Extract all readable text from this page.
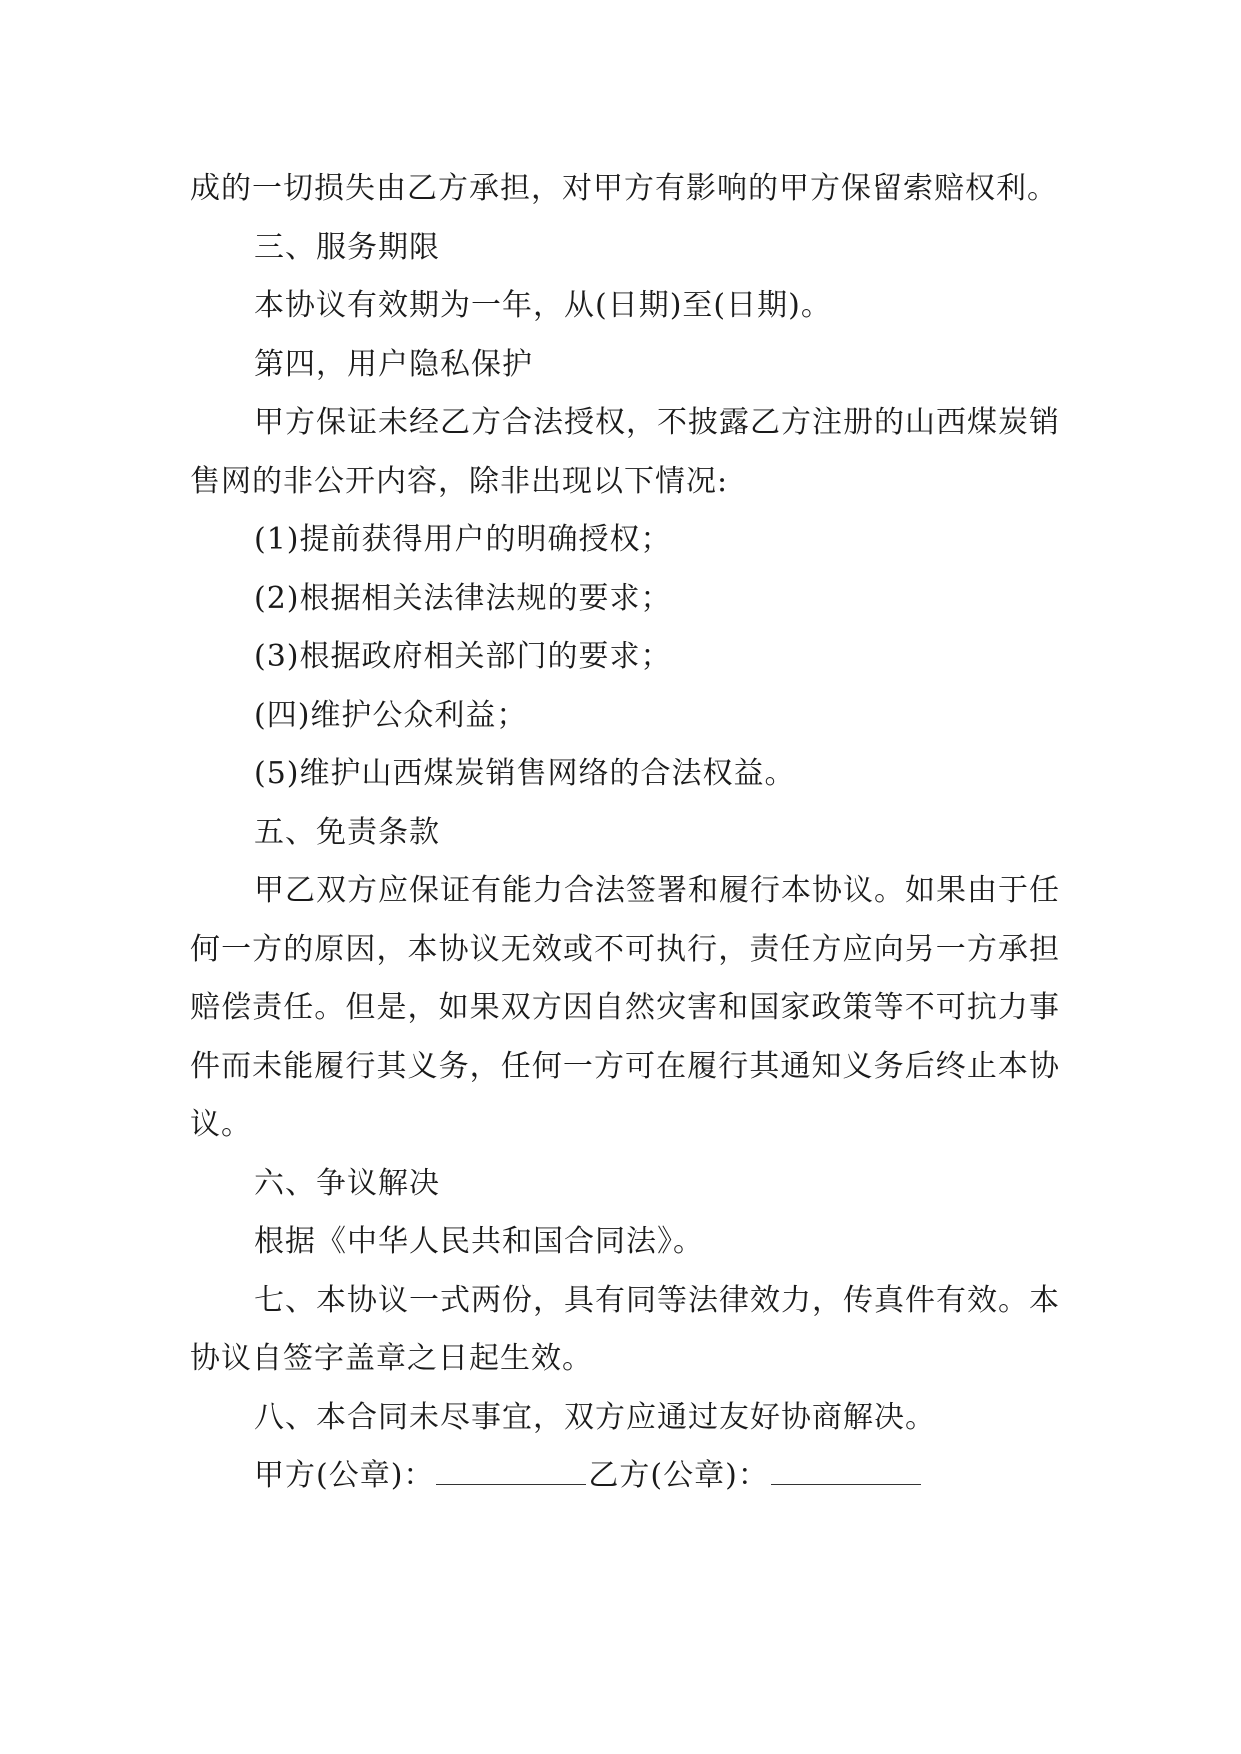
成的一切损失由乙方承担，对甲方有影响的甲方保留索赔权利。

三、服务期限

本协议有效期为一年，从(日期)至(日期)。

第四，用户隐私保护

甲方保证未经乙方合法授权，不披露乙方注册的山西煤炭销售网的非公开内容，除非出现以下情况:

(1)提前获得用户的明确授权；

(2)根据相关法律法规的要求；

(3)根据政府相关部门的要求；

(四)维护公众利益；

(5)维护山西煤炭销售网络的合法权益。

五、免责条款

甲乙双方应保证有能力合法签署和履行本协议。如果由于任何一方的原因，本协议无效或不可执行，责任方应向另一方承担赔偿责任。但是，如果双方因自然灾害和国家政策等不可抗力事件而未能履行其义务，任何一方可在履行其通知义务后终止本协议。

六、争议解决

根据《中华人民共和国合同法》。

七、本协议一式两份，具有同等法律效力，传真件有效。本协议自签字盖章之日起生效。

八、本合同未尽事宜，双方应通过友好协商解决。

甲方(公章)：	乙方(公章)：
